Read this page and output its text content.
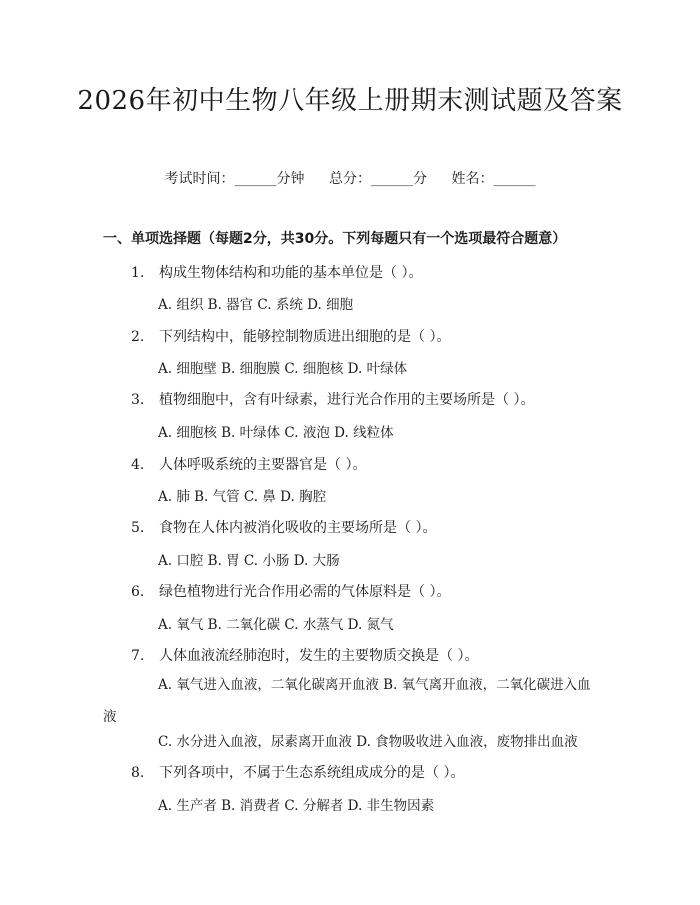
2026年初中生物八年级上册期末测试题及答案
考试时间：______分钟 总分：______分 姓名：______
一、单项选择题（每题2分，共30分。下列每题只有一个选项最符合题意）
1. 构成生物体结构和功能的基本单位是（ ）。
A. 组织 B. 器官 C. 系统 D. 细胞
2. 下列结构中，能够控制物质进出细胞的是（ ）。
A. 细胞壁 B. 细胞膜 C. 细胞核 D. 叶绿体
3. 植物细胞中，含有叶绿素，进行光合作用的主要场所是（ ）。
A. 细胞核 B. 叶绿体 C. 液泡 D. 线粒体
4. 人体呼吸系统的主要器官是（ ）。
A. 肺 B. 气管 C. 鼻 D. 胸腔
5. 食物在人体内被消化吸收的主要场所是（ ）。
A. 口腔 B. 胃 C. 小肠 D. 大肠
6. 绿色植物进行光合作用必需的气体原料是（ ）。
A. 氧气 B. 二氧化碳 C. 水蒸气 D. 氮气
7. 人体血液流经肺泡时，发生的主要物质交换是（ ）。
A. 氧气进入血液，二氧化碳离开血液 B. 氧气离开血液，二氧化碳进入血液
C. 水分进入血液，尿素离开血液 D. 食物吸收进入血液，废物排出血液
8. 下列各项中，不属于生态系统组成成分的是（ ）。
A. 生产者 B. 消费者 C. 分解者 D. 非生物因素
